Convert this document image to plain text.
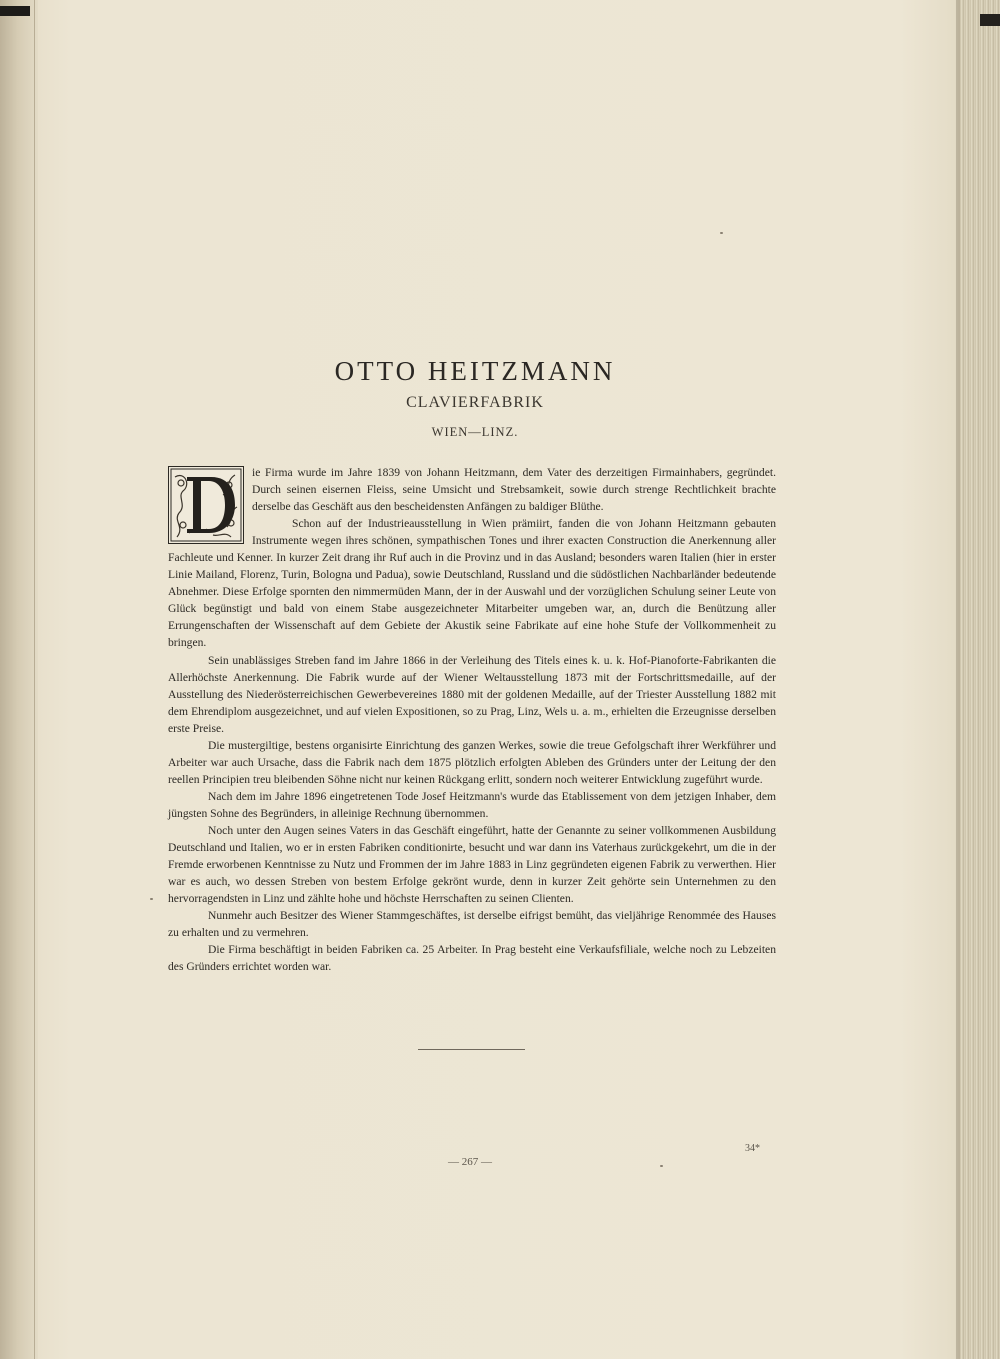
OTTO HEITZMANN
CLAVIERFABRIK
WIEN—LINZ.

ie Firma wurde im Jahre 1839 von Johann Heitzmann, dem Vater des derzeitigen Firmainhabers, gegründet. Durch seinen eisernen Fleiss, seine Umsicht und Strebsamkeit, sowie durch strenge Rechtlichkeit brachte derselbe das Geschäft aus den bescheidensten Anfängen zu baldiger Blüthe.

Schon auf der Industrieausstellung in Wien prämiirt, fanden die von Johann Heitzmann gebauten Instrumente wegen ihres schönen, sympathischen Tones und ihrer exacten Construction die Anerkennung aller Fachleute und Kenner. In kurzer Zeit drang ihr Ruf auch in die Provinz und in das Ausland; besonders waren Italien (hier in erster Linie Mailand, Florenz, Turin, Bologna und Padua), sowie Deutschland, Russland und die südöstlichen Nachbarländer bedeutende Abnehmer. Diese Erfolge spornten den nimmermüden Mann, der in der Auswahl und der vorzüglichen Schulung seiner Leute von Glück begünstigt und bald von einem Stabe ausgezeichneter Mitarbeiter umgeben war, an, durch die Benützung aller Errungenschaften der Wissenschaft auf dem Gebiete der Akustik seine Fabrikate auf eine hohe Stufe der Vollkommenheit zu bringen.

Sein unablässiges Streben fand im Jahre 1866 in der Verleihung des Titels eines k. u. k. Hof-Pianoforte-Fabrikanten die Allerhöchste Anerkennung. Die Fabrik wurde auf der Wiener Weltausstellung 1873 mit der Fortschrittsmedaille, auf der Ausstellung des Niederösterreichischen Gewerbevereines 1880 mit der goldenen Medaille, auf der Triester Ausstellung 1882 mit dem Ehrendiplom ausgezeichnet, und auf vielen Expositionen, so zu Prag, Linz, Wels u. a. m., erhielten die Erzeugnisse derselben erste Preise.

Die mustergiltige, bestens organisirte Einrichtung des ganzen Werkes, sowie die treue Gefolgschaft ihrer Werkführer und Arbeiter war auch Ursache, dass die Fabrik nach dem 1875 plötzlich erfolgten Ableben des Gründers unter der Leitung der den reellen Principien treu bleibenden Söhne nicht nur keinen Rückgang erlitt, sondern noch weiterer Entwicklung zugeführt wurde.

Nach dem im Jahre 1896 eingetretenen Tode Josef Heitzmann's wurde das Etablissement von dem jetzigen Inhaber, dem jüngsten Sohne des Begründers, in alleinige Rechnung übernommen.

Noch unter den Augen seines Vaters in das Geschäft eingeführt, hatte der Genannte zu seiner vollkommenen Ausbildung Deutschland und Italien, wo er in ersten Fabriken conditionirte, besucht und war dann ins Vaterhaus zurückgekehrt, um die in der Fremde erworbenen Kenntnisse zu Nutz und Frommen der im Jahre 1883 in Linz gegründeten eigenen Fabrik zu verwerthen. Hier war es auch, wo dessen Streben von bestem Erfolge gekrönt wurde, denn in kurzer Zeit gehörte sein Unternehmen zu den hervorragendsten in Linz und zählte hohe und höchste Herrschaften zu seinen Clienten.

Nunmehr auch Besitzer des Wiener Stammgeschäftes, ist derselbe eifrigst bemüht, das vieljährige Renommée des Hauses zu erhalten und zu vermehren.

Die Firma beschäftigt in beiden Fabriken ca. 25 Arbeiter. In Prag besteht eine Verkaufsfiliale, welche noch zu Lebzeiten des Gründers errichtet worden war.

34*
— 267 —
